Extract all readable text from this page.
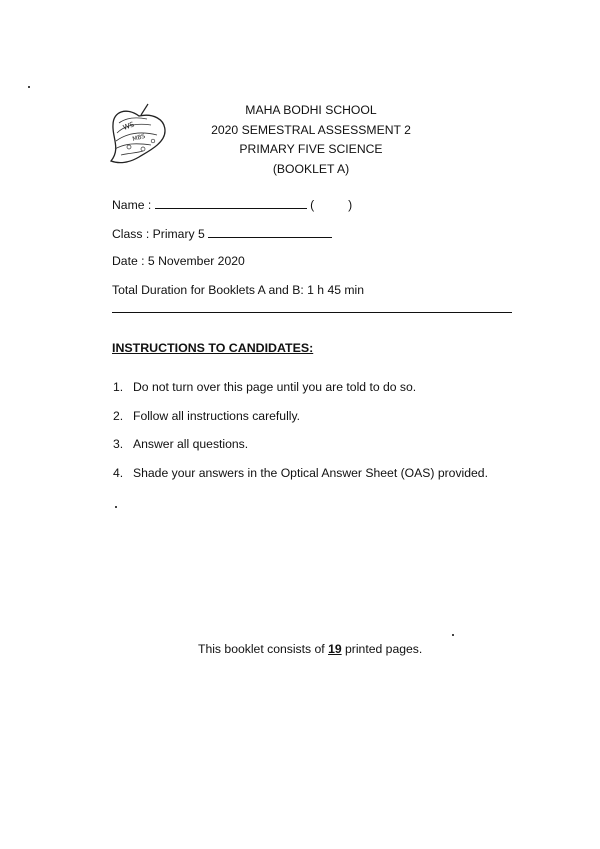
WS
MBS
MAHA BODHI SCHOOL
2020 SEMESTRAL ASSESSMENT 2
PRIMARY FIVE SCIENCE
(BOOKLET A)
Name :	(	)
Class : Primary 5
Date : 5 November 2020
Total Duration for Booklets A and B: 1 h 45 min
INSTRUCTIONS TO CANDIDATES:
1. Do not turn over this page until you are told to do so.
2. Follow all instructions carefully.
3. Answer all questions.
4. Shade your answers in the Optical Answer Sheet (OAS) provided.
This booklet consists of 19 printed pages.
